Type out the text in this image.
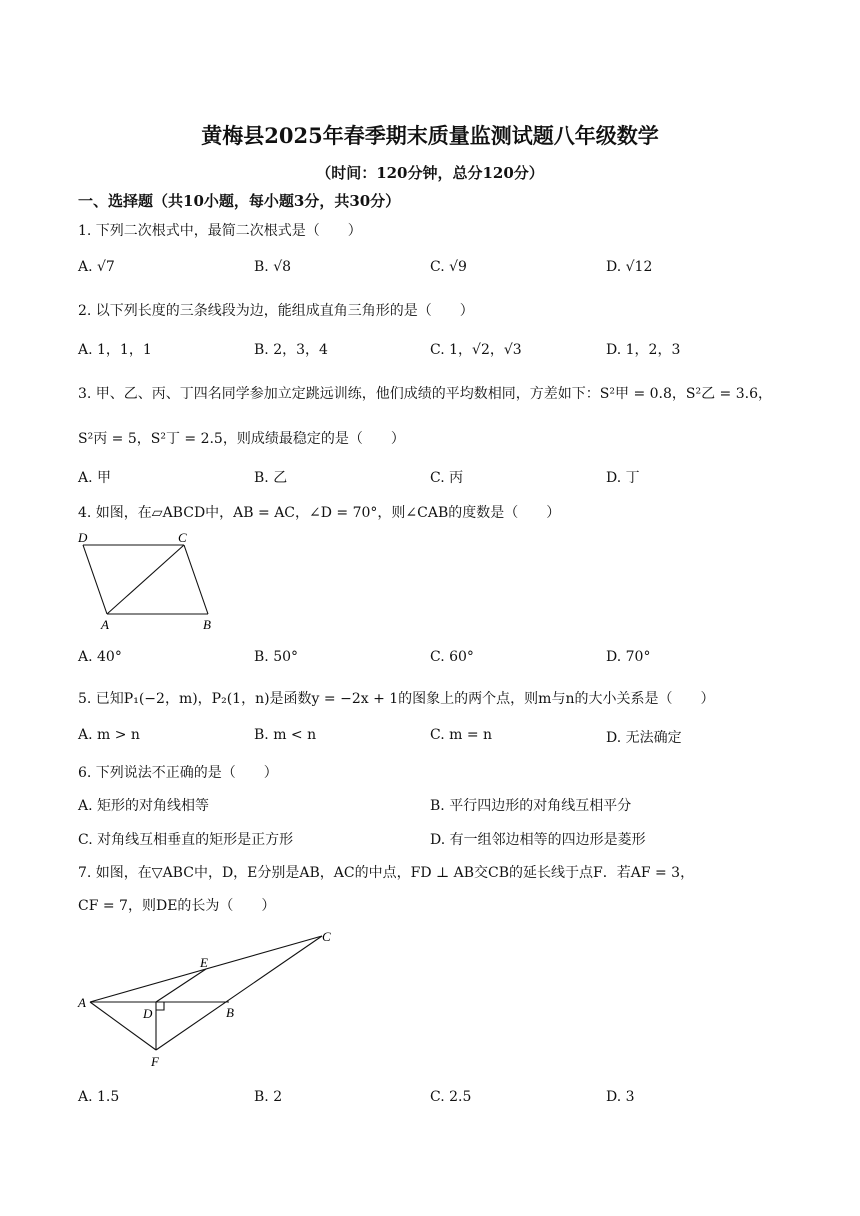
黄梅县2025年春季期末质量监测试题八年级数学
（时间：120分钟，总分120分）
一、选择题（共10小题，每小题3分，共30分）
1. 下列二次根式中，最简二次根式是（　　）
A. √7	B. √8	C. √9	D. √12
2. 以下列长度的三条线段为边，能组成直角三角形的是（　　）
A. 1，1，1	B. 2，3，4	C. 1，√2，√3	D. 1，2，3
3. 甲、乙、丙、丁四名同学参加立定跳远训练，他们成绩的平均数相同，方差如下：S²甲 = 0.8，S²乙 = 3.6，
S²丙 = 5，S²丁 = 2.5，则成绩最稳定的是（　　）
A. 甲	B. 乙	C. 丙	D. 丁
4. 如图，在▱ABCD中，AB = AC，∠D = 70°，则∠CAB的度数是（　　）
D	C
A	B
A. 40°	B. 50°	C. 60°	D. 70°
5. 已知P₁(−2，m)，P₂(1，n)是函数y = −2x + 1的图象上的两个点，则m与n的大小关系是（　　）
A. m > n	B. m < n	C. m = n	D. 无法确定
6. 下列说法不正确的是（　　）
A. 矩形的对角线相等	B. 平行四边形的对角线互相平分
C. 对角线互相垂直的矩形是正方形	D. 有一组邻边相等的四边形是菱形
7. 如图，在▽ABC中，D，E分别是AB，AC的中点，FD ⊥ AB交CB的延长线于点F．若AF = 3，
CF = 7，则DE的长为（　　）
A
B
C
D
E
F
A. 1.5	B. 2	C. 2.5	D. 3
